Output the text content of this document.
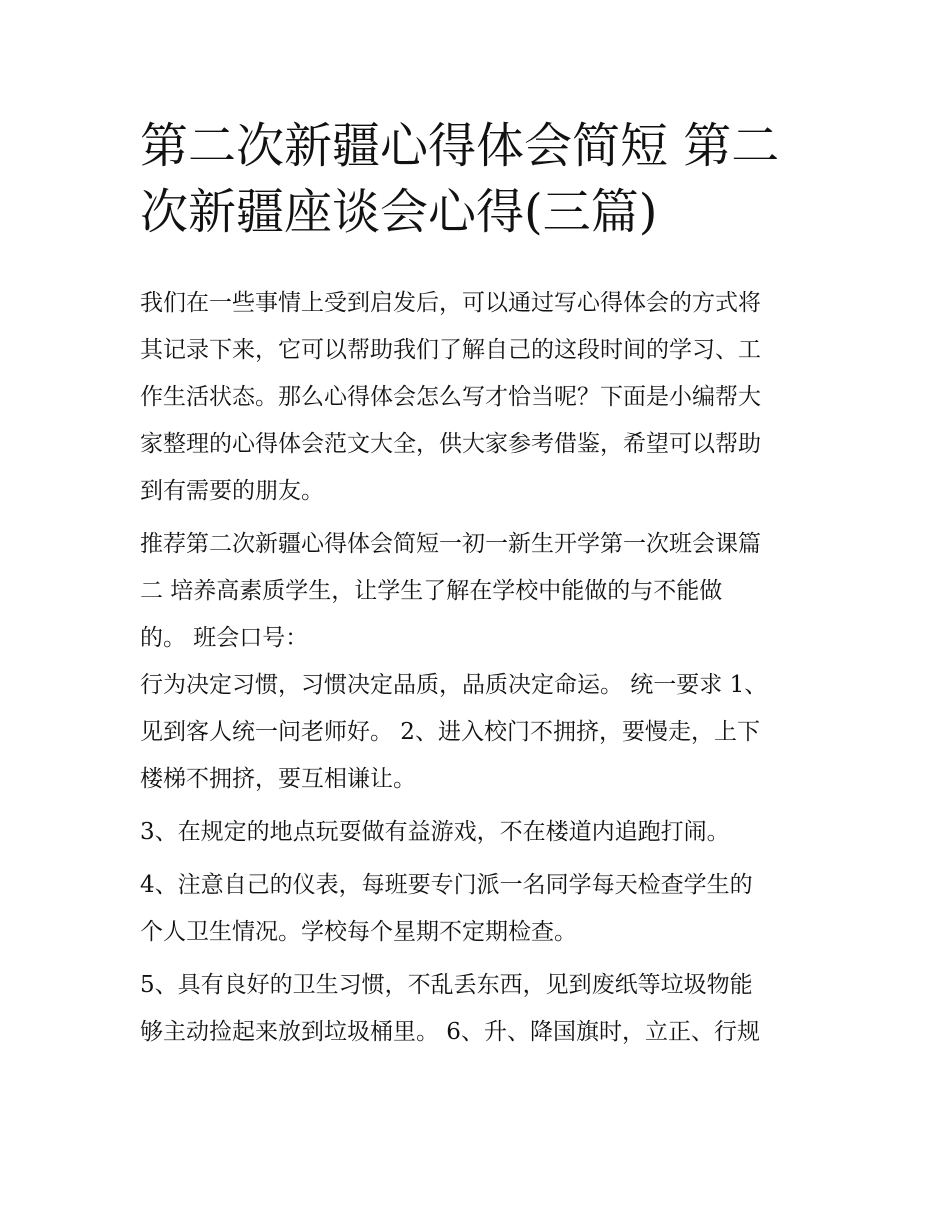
第二次新疆心得体会简短 第二
次新疆座谈会心得(三篇)
我们在一些事情上受到启发后，可以通过写心得体会的方式将
其记录下来，它可以帮助我们了解自己的这段时间的学习、工
作生活状态。那么心得体会怎么写才恰当呢？下面是小编帮大
家整理的心得体会范文大全，供大家参考借鉴，希望可以帮助
到有需要的朋友。
推荐第二次新疆心得体会简短一初一新生开学第一次班会课篇
二 培养高素质学生，让学生了解在学校中能做的与不能做
的。 班会口号：
行为决定习惯，习惯决定品质，品质决定命运。 统一要求 1、
见到客人统一问老师好。 2、进入校门不拥挤，要慢走，上下
楼梯不拥挤，要互相谦让。
3、在规定的地点玩耍做有益游戏，不在楼道内追跑打闹。
4、注意自己的仪表，每班要专门派一名同学每天检查学生的
个人卫生情况。学校每个星期不定期检查。
5、具有良好的卫生习惯，不乱丢东西，见到废纸等垃圾物能
够主动捡起来放到垃圾桶里。 6、升、降国旗时，立正、行规
